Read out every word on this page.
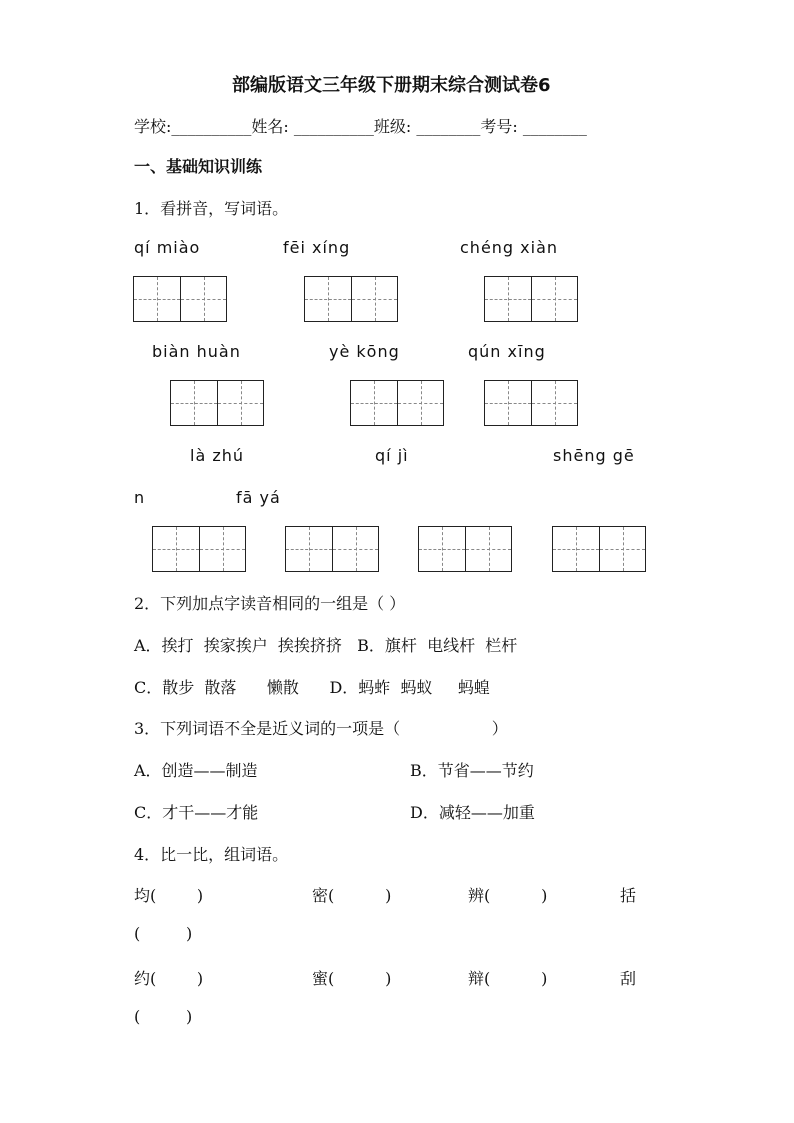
部编版语文三年级下册期末综合测试卷6
学校:__________姓名: __________班级: ________考号: ________
一、基础知识训练
1．看拼音，写词语。
qí miào	fēi xíng	chéng xiàn
biàn huàn	yè kōng	qún xīng
là zhú	qí jì	shēng gē
n	fā yá
2．下列加点字读音相同的一组是（ ）
A．挨打  挨家挨户  挨挨挤挤   B．旗杆  电线杆  栏杆
C．散步  散落      懒散      D．蚂蚱  蚂蚁     蚂蝗
3．下列词语不全是近义词的一项是（                  ）
A．创造——制造	B．节省——节约
C．才干——才能	D．减轻——加重
4．比一比，组词语。
均(        )	密(          )	辨(          )	括
(         )
约(        )	蜜(          )	辩(          )	刮
(         )
